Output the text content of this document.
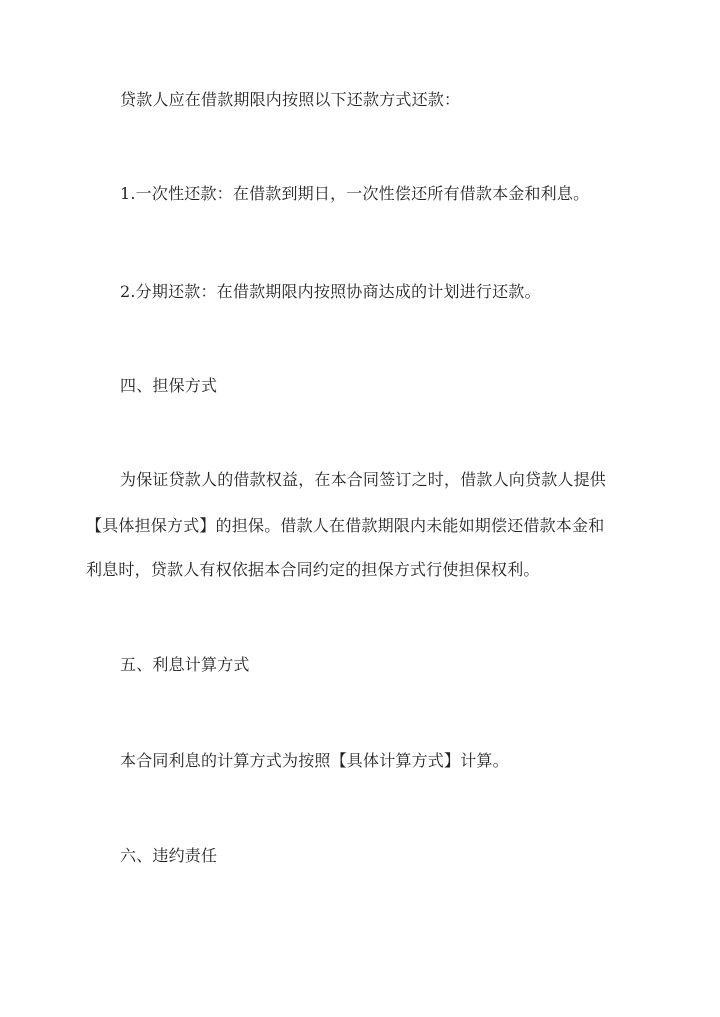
贷款人应在借款期限内按照以下还款方式还款：
1.一次性还款：在借款到期日，一次性偿还所有借款本金和利息。
2.分期还款：在借款期限内按照协商达成的计划进行还款。
四、担保方式
为保证贷款人的借款权益，在本合同签订之时，借款人向贷款人提供
【具体担保方式】的担保。借款人在借款期限内未能如期偿还借款本金和
利息时，贷款人有权依据本合同约定的担保方式行使担保权利。
五、利息计算方式
本合同利息的计算方式为按照【具体计算方式】计算。
六、违约责任
